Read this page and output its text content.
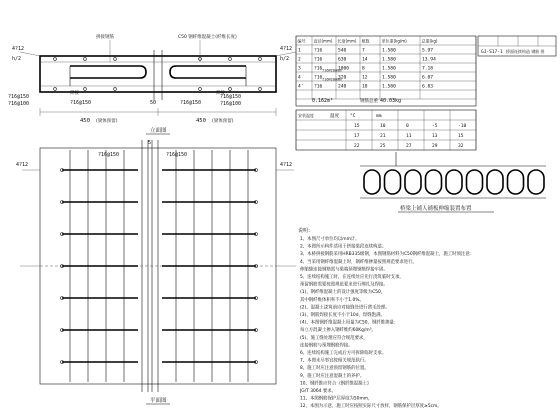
4?12
h/2
?16@150
?16@100	?16@150	50
拼接钢筋	C50 钢纤维混凝土(纤维长度)
焊接	焊接
450 (梁体预留)	450 (梁体预留)
4?12
h/2
?16@150
?16@100
?16@150
立面图
4?12	4?12
5
?16@150	?16@150
平面图
编号 直径(mm) 长度(mm) 根数	单位重(kg/m)	总重(kg)
1	?16	540	7	1.580	5.97
2	?16	630	14	1.580	13.94
3	?16	1000	8	1.580	7.18
4	?16	320	12	1.580	6.07
4' ?16	240	18	1.580	6.83
?16@200mm
?16@200mm
0.162m³	钢筋总重 40.03kg
GJ-S17-1 桥面连续构造 钢筋 图
安装温度	温度 °C	mm
15	10	0	-5	-10
17	21	11	13	15
22	25	27	29	32
桥梁上铺人铺板伸缩装置布置
说明：
1、本图尺寸单位均以mm计。
2、本图所示构件适用于拼接梁段连续构造。
3、本桥拼接钢筋采用HRB335级钢，本图钢筋材料为C50钢纤维混凝土，施工时须注意：
4、当采用钢纤维混凝土时，钢纤维掺量按照规范要求进行。
伸缩缝连接钢筋需与梁端预埋钢筋焊接牢固。
5、连续结构施工时，在连续处应先行浇筑临时支承，
预留钢筋需要按照规范要求进行绑扎及焊接。
(1)、钢纤维混凝土的设计强度等级为C50，
其中钢纤维体积率不小于1.0%。
(2)、混凝土浇筑前应对接缝处进行凿毛处理。
(3)、钢筋焊接长度不小于10d，焊缝饱满。
(4)、本图钢纤维混凝土用量为C50，钢纤维掺量：
每立方混凝土掺入钢纤维约60Kg/m³。
(5)、施工缝处理应符合规范要求，
连接钢筋与预埋钢筋焊接。
6、连续结构施工完成后方可拆除临时支承。
7、本图未尽事宜按相关规范执行。
8、施工时应注意预留钢筋的位置。
9、施工时应注意混凝土的养护。
10、钢纤维应符合《钢纤维混凝土》
JG/T 3064 要求。
11、本图钢筋保护层厚度为50mm，
12、本图为示意，施工时应按照实际尺寸放样，钢筋保护层厚度≥5cm。
